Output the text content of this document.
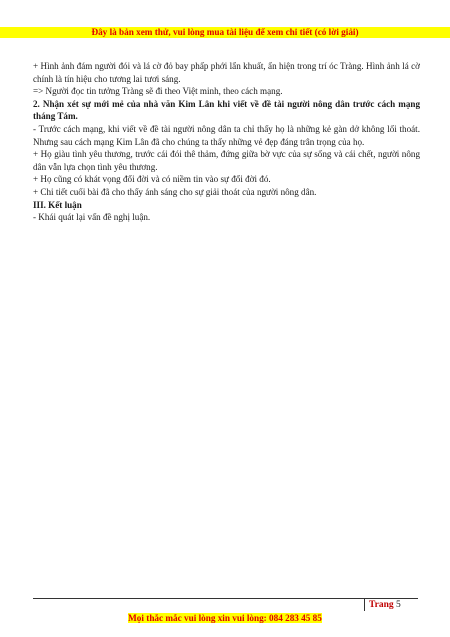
Đây là bản xem thử, vui lòng mua tài liệu để xem chi tiết (có lời giải)

+ Hình ảnh đám người đói và lá cờ đỏ bay phấp phới lẩn khuất, ẩn hiện trong trí óc Tràng. Hình ảnh lá cờ chính là tín hiệu cho tương lai tươi sáng.

=> Người đọc tin tưởng Tràng sẽ đi theo Việt minh, theo cách mạng.

2. Nhận xét sự mới mẻ của nhà văn Kim Lân khi viết về đề tài người nông dân trước cách mạng tháng Tám.

- Trước cách mạng, khi viết về đề tài người nông dân ta chỉ thấy họ là những kẻ gàn dở không lối thoát. Nhưng sau cách mạng Kim Lân đã cho chúng ta thấy những vẻ đẹp đáng trân trọng của họ.

+ Họ giàu tình yêu thương, trước cái đói thê thảm, đứng giữa bờ vực của sự sống và cái chết, người nông dân vẫn lựa chọn tình yêu thương.

+ Họ cũng có khát vọng đổi đời và có niềm tin vào sự đổi đời đó.

+ Chi tiết cuối bài đã cho thấy ánh sáng cho sự giải thoát của người nông dân.

III. Kết luận

- Khái quát lại vấn đề nghị luận.

Trang 5
Mọi thắc mắc vui lòng xin vui lòng: 084 283 45 85
